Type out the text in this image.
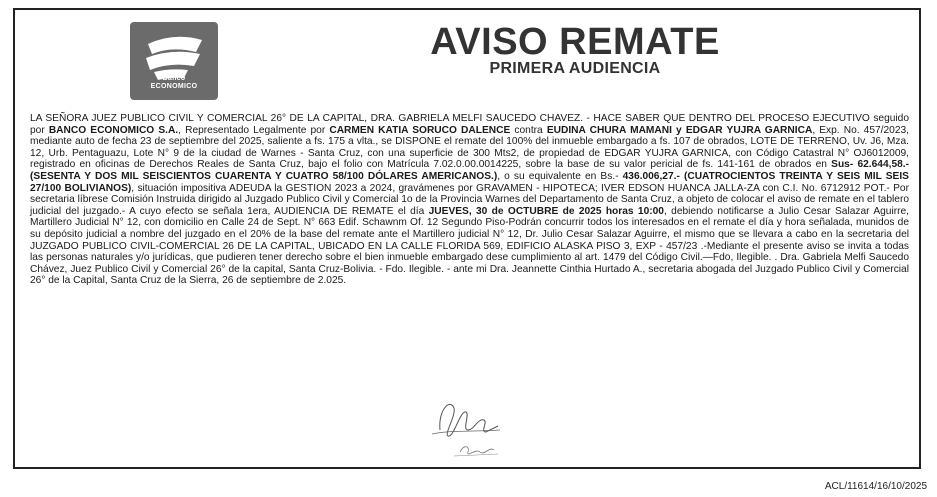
Banco
ECONOMICO
AVISO REMATE
PRIMERA AUDIENCIA
LA SEÑORA JUEZ PUBLICO CIVIL Y COMERCIAL 26° DE LA CAPITAL, DRA. GABRIELA MELFI SAUCEDO CHAVEZ. - HACE SABER QUE DENTRO DEL PROCESO EJECUTIVO seguido por BANCO ECONOMICO S.A., Representado Legalmente por CARMEN KATIA SORUCO DALENCE contra EUDINA CHURA MAMANI y EDGAR YUJRA GARNICA, Exp. No. 457/2023, mediante auto de fecha 23 de septiembre del 2025, saliente a fs. 175 a vlta., se DISPONE el remate del 100% del inmueble embargado a fs. 107 de obrados, LOTE DE TERRENO, Uv. J6, Mza. 12, Urb. Pentaguazu, Lote N° 9 de la ciudad de Warnes - Santa Cruz, con una superficie de 300 Mts2, de propiedad de EDGAR YUJRA GARNICA, con Código Catastral N° OJ6012009, registrado en oficinas de Derechos Reales de Santa Cruz, bajo el folio con Matrícula 7.02.0.00.0014225, sobre la base de su valor pericial de fs. 141-161 de obrados en Sus- 62.644,58.- (SESENTA Y DOS MIL SEISCIENTOS CUARENTA Y CUATRO 58/100 DÓLARES AMERICANOS.), o su equivalente en Bs.- 436.006,27.- (CUATROCIENTOS TREINTA Y SEIS MIL SEIS 27/100 BOLIVIANOS), situación impositiva ADEUDA la GESTION 2023 a 2024, gravámenes por GRAVAMEN - HIPOTECA; IVER EDSON HUANCA JALLA-ZA con C.I. No. 6712912 POT.- Por secretaria líbrese Comisión Instruida dirigido al Juzgado Publico Civil y Comercial 1o de la Provincia Warnes del Departamento de Santa Cruz, a objeto de colocar el aviso de remate en el tablero judicial del juzgado.- A cuyo efecto se señala 1era, AUDIENCIA DE REMATE el día JUEVES, 30 de OCTUBRE de 2025 horas 10:00, debiendo notificarse a Julio Cesar Salazar Aguirre, Martillero Judicial N° 12, con domicilio en Calle 24 de Sept. N° 663 Edif. Schawnm Of. 12 Segundo Piso-Podrán concurrir todos los interesados en el remate el día y hora señalada, munidos de su depósito judicial a nombre del juzgado en el 20% de la base del remate ante el Martillero judicial N° 12, Dr. Julio Cesar Salazar Aguirre, el mismo que se llevara a cabo en la secretaria del JUZGADO PUBLICO CIVIL-COMERCIAL 26 DE LA CAPITAL, UBICADO EN LA CALLE FLORIDA 569, EDIFICIO ALASKA PISO 3, EXP - 457/23 .-Mediante el presente aviso se invita a todas las personas naturales y/o jurídicas, que pudieren tener derecho sobre el bien inmueble embargado dese cumplimiento al art. 1479 del Código Civil.—Fdo, Ilegible. . Dra. Gabriela Melfi Saucedo Chávez, Juez Publico Civil y Comercial 26° de la capital, Santa Cruz-Bolivia. - Fdo. Ilegible. - ante mi Dra. Jeannette Cinthia Hurtado A., secretaria abogada del Juzgado Publico Civil y Comercial 26° de la Capital, Santa Cruz de la Sierra, 26 de septiembre de 2.025.
ACL/11614/16/10/2025
